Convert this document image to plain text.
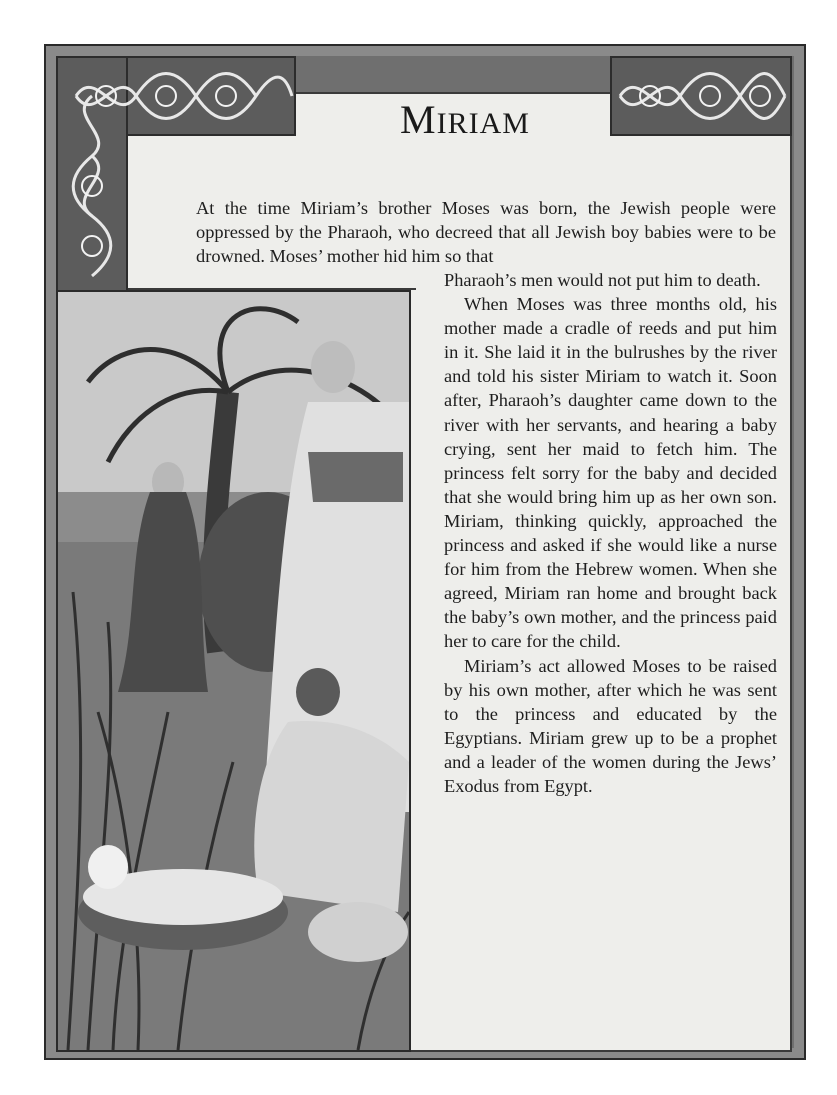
MIRIAM
At the time Miriam’s brother Moses was born, the Jewish people were oppressed by the Pharaoh, who decreed that all Jewish boy babies were to be drowned. Moses’ mother hid him so that

Pharaoh’s men would not put him to death.

When Moses was three months old, his mother made a cradle of reeds and put him in it. She laid it in the bulrushes by the river and told his sister Miriam to watch it. Soon after, Pharaoh’s daughter came down to the river with her servants, and hearing a baby crying, sent her maid to fetch him. The princess felt sorry for the baby and decided that she would bring him up as her own son. Miriam, thinking quickly, approached the princess and asked if she would like a nurse for him from the Hebrew women. When she agreed, Miriam ran home and brought back the baby’s own mother, and the princess paid her to care for the child.

Miriam’s act allowed Moses to be raised by his own mother, after which he was sent to the princess and educated by the Egyptians. Miriam grew up to be a prophet and a leader of the women during the Jews’ Exodus from Egypt.
